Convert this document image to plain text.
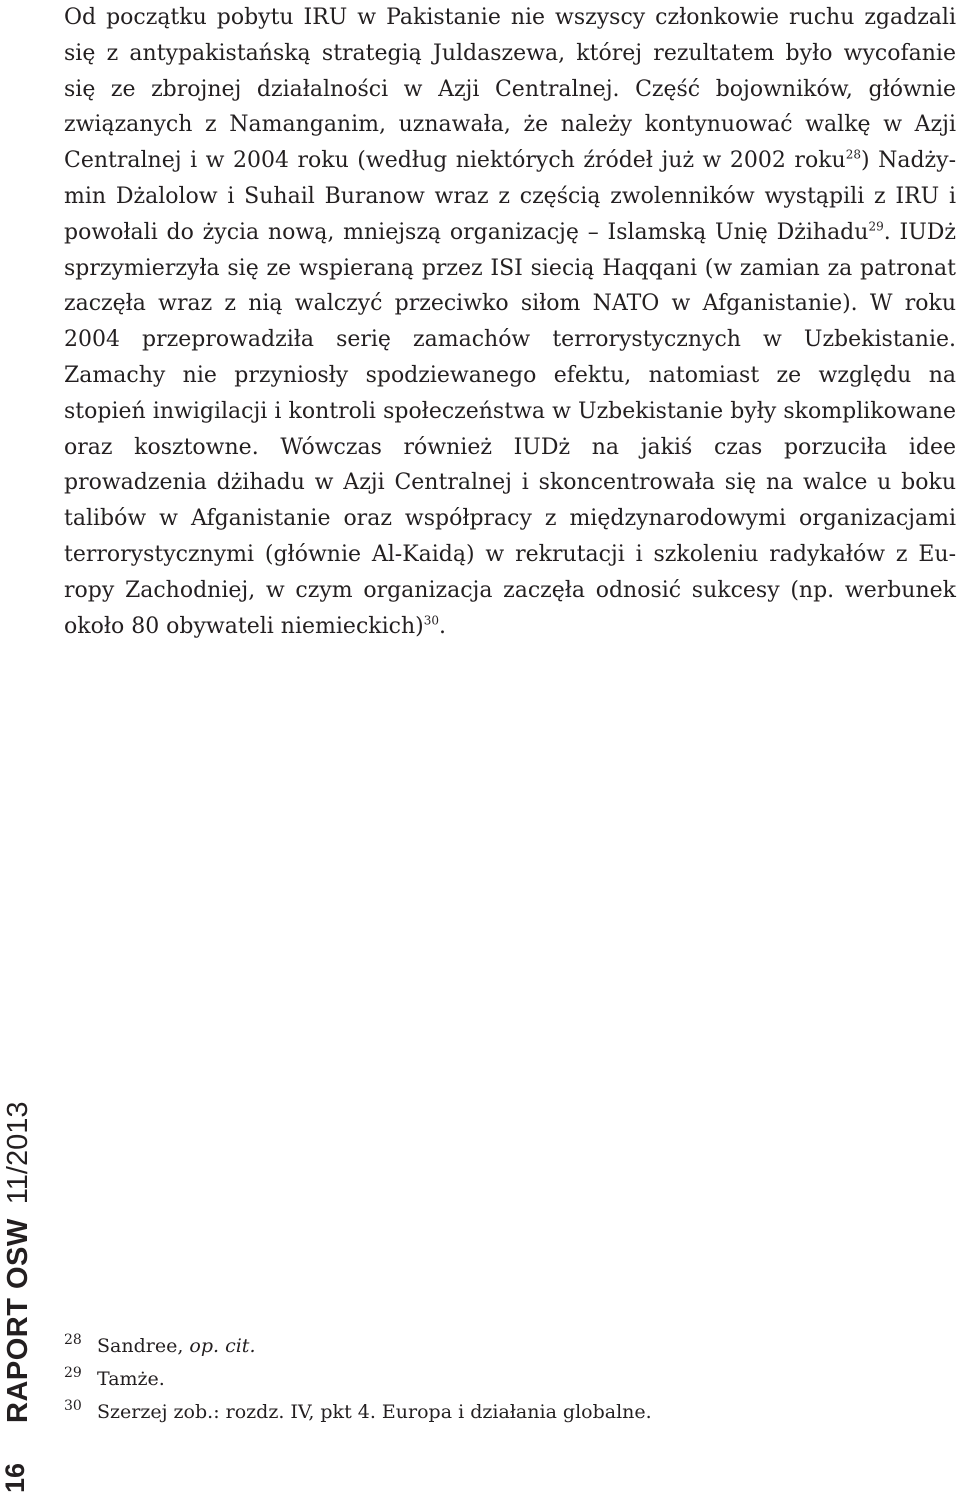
Od początku pobytu IRU w Pakistanie nie wszyscy członkowie ruchu zgadzali się z antypakistańską strategią Juldaszewa, której rezultatem było wycofanie się ze zbrojnej działalności w Azji Centralnej. Część bojowników, głównie związanych z Namanganim, uznawała, że należy kontynuować walkę w Azji Centralnej i w 2004 roku (według niektórych źródeł już w 2002 roku$^{28}$) Nadżymin Dżalolow i Suhail Buranow wraz z częścią zwolenników wystąpili z IRU i powołali do życia nową, mniejszą organizację – Islamską Unię Dżihadu$^{29}$. IUDż sprzymierzyła się ze wspieraną przez ISI siecią Haqqani (w zamian za patronat zaczęła wraz z nią walczyć przeciwko siłom NATO w Afganistanie). W roku 2004 przeprowadziła serię zamachów terrorystycznych w Uzbekistanie. Zamachy nie przyniosły spodziewanego efektu, natomiast ze względu na stopień inwigilacji i kontroli społeczeństwa w Uzbekistanie były skomplikowane oraz kosztowne. Wówczas również IUDż na jakiś czas porzuciła idee prowadzenia dżihadu w Azji Centralnej i skoncentrowała się na walce u boku talibów w Afganistanie oraz współpracy z międzynarodowymi organizacjami terrorystycznymi (głównie Al-Kaidą) w rekrutacji i szkoleniu radykałów z Europy Zachodniej, w czym organizacja zaczęła odnosić sukcesy (np. werbunek około 80 obywateli niemieckich)$^{30}$.

RAPORT OSW11/2013
16
28 Sandree, op. cit.
29 Tamże.
30 Szerzej zob.: rozdz. IV, pkt 4. Europa i działania globalne.
